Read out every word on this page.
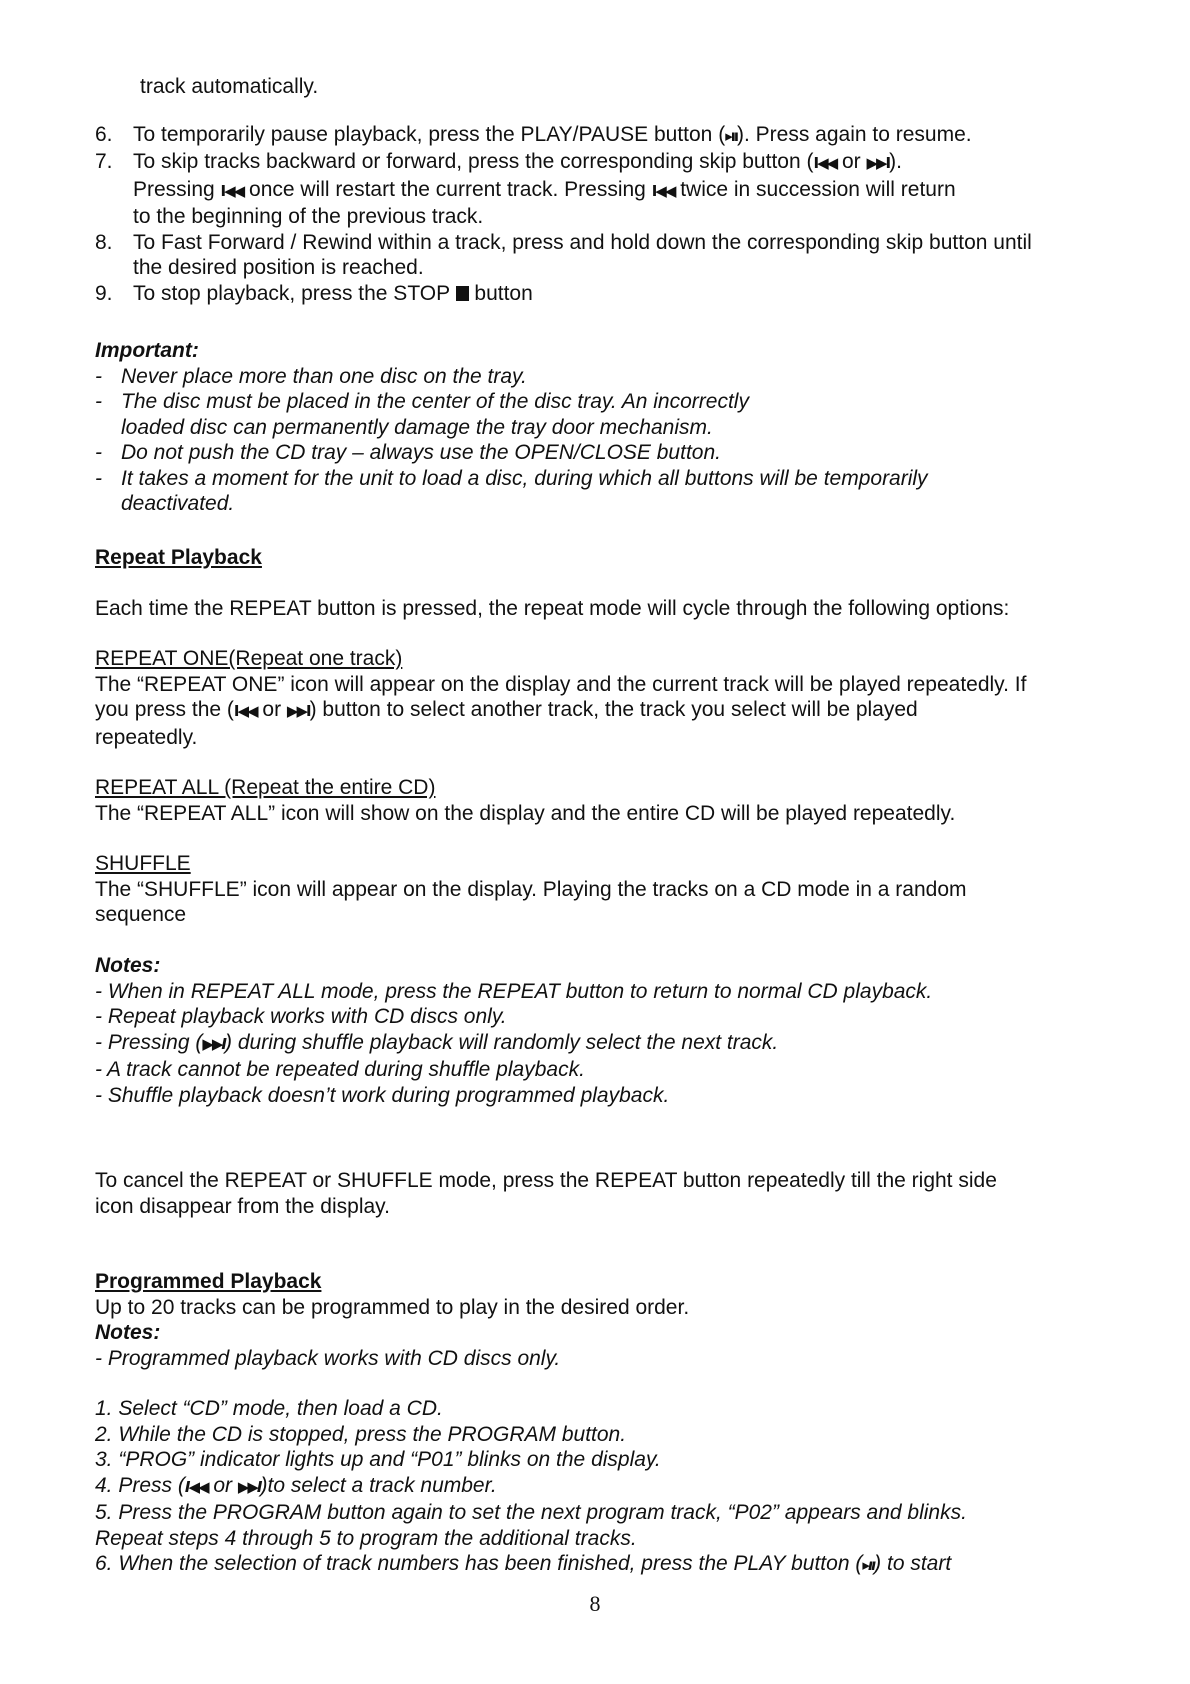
track automatically.
6. To temporarily pause playback, press the PLAY/PAUSE button (▸ıı). Press again to resume.
7. To skip tracks backward or forward, press the corresponding skip button (I◀◀ or ▶▶I).
Pressing I◀◀ once will restart the current track. Pressing I◀◀ twice in succession will return
to the beginning of the previous track.
8. To Fast Forward / Rewind within a track, press and hold down the corresponding skip button until
the desired position is reached.
9. To stop playback, press the STOP  button
Important:
- Never place more than one disc on the tray.
- The disc must be placed in the center of the disc tray. An incorrectly
loaded disc can permanently damage the tray door mechanism.
- Do not push the CD tray – always use the OPEN/CLOSE button.
- It takes a moment for the unit to load a disc, during which all buttons will be temporarily
deactivated.
Repeat Playback
Each time the REPEAT button is pressed, the repeat mode will cycle through the following options:
REPEAT ONE(Repeat one track)
The “REPEAT ONE” icon will appear on the display and the current track will be played repeatedly. If
you press the (I◀◀ or ▶▶I) button to select another track, the track you select will be played
repeatedly.
REPEAT ALL (Repeat the entire CD)
The “REPEAT ALL” icon will show on the display and the entire CD will be played repeatedly.
SHUFFLE
The “SHUFFLE” icon will appear on the display. Playing the tracks on a CD mode in a random
sequence
Notes:
- When in REPEAT ALL mode, press the REPEAT button to return to normal CD playback.
- Repeat playback works with CD discs only.
- Pressing (▶▶I) during shuffle playback will randomly select the next track.
- A track cannot be repeated during shuffle playback.
- Shuffle playback doesn’t work during programmed playback.
To cancel the REPEAT or SHUFFLE mode, press the REPEAT button repeatedly till the right side
icon disappear from the display.
Programmed Playback
Up to 20 tracks can be programmed to play in the desired order.
Notes:
- Programmed playback works with CD discs only.
1. Select “CD” mode, then load a CD.
2. While the CD is stopped, press the PROGRAM button.
3. “PROG” indicator lights up and “P01” blinks on the display.
4. Press (I◀◀ or ▶▶I)to select a track number.
5. Press the PROGRAM button again to set the next program track, “P02” appears and blinks.
Repeat steps 4 through 5 to program the additional tracks.
6. When the selection of track numbers has been finished, press the PLAY button (▸ıı) to start
8
